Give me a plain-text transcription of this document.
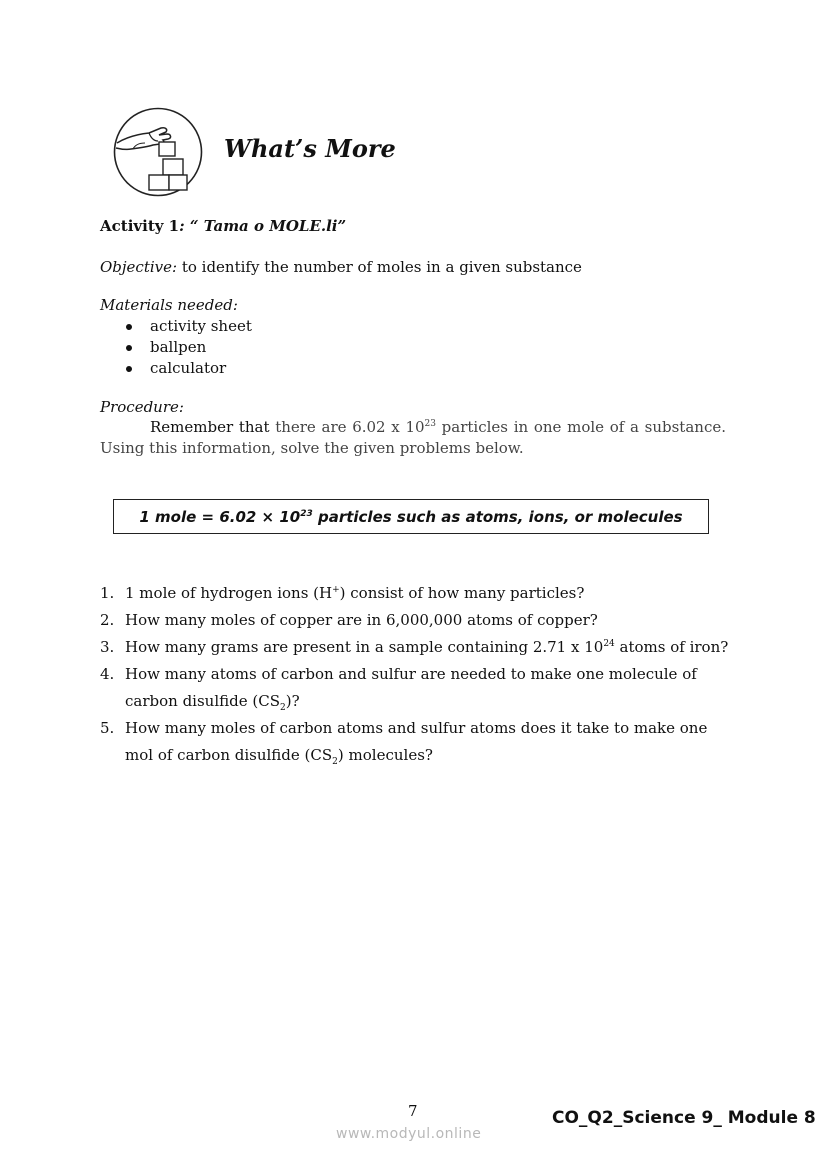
What’s More
Activity 1: “ Tama o MOLE.li”
Objective: to identify the number of moles in a given substance
Materials needed:
activity sheet
ballpen
calculator
Procedure:
Remember that there are 6.02 x $10^{23}$ particles in one mole of a substance. Using this information, solve the given problems below.
1 mole = $6.02 \times 10^{23}$ particles such as atoms, ions, or molecules
1. 1 mole of hydrogen ions (H+) consist of how many particles?
2. How many moles of copper are in 6,000,000 atoms of copper?
3. How many grams are present in a sample containing 2.71 x $10^{24}$ atoms of iron?
4. How many atoms of carbon and sulfur are needed to make one molecule of carbon disulfide $(CS_2)$?
5. How many moles of carbon atoms and sulfur atoms does it take to make one mol of carbon disulfide $(CS_2)$ molecules?
7	CO_Q2_Science 9_ Module 8
www.modyul.online
